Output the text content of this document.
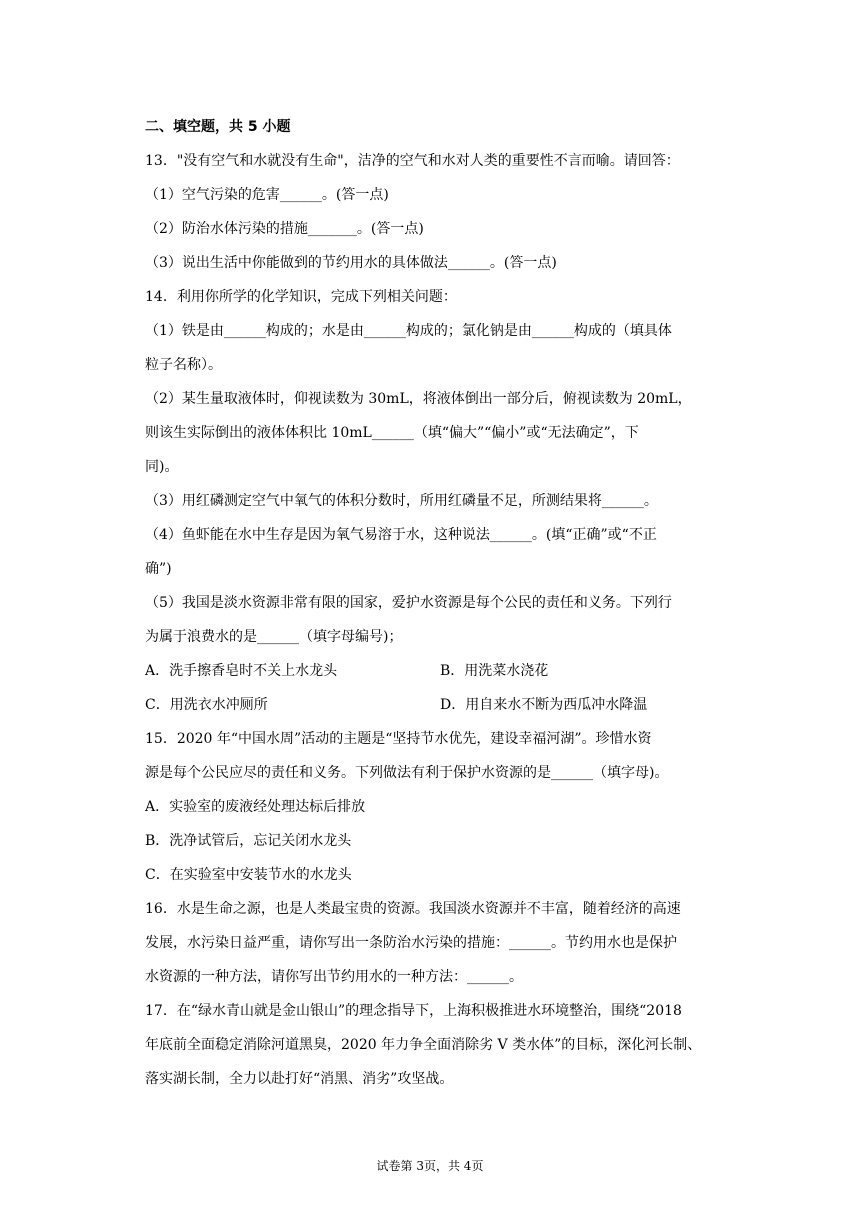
二、填空题，共 5 小题
13．"没有空气和水就没有生命"，洁净的空气和水对人类的重要性不言而喻。请回答：
（1）空气污染的危害______。(答一点)
（2）防治水体污染的措施_______。(答一点)
（3）说出生活中你能做到的节约用水的具体做法______。(答一点)
14．利用你所学的化学知识，完成下列相关问题：
（1）铁是由______构成的；水是由______构成的；氯化钠是由______构成的（填具体
粒子名称）。
（2）某生量取液体时，仰视读数为 30mL，将液体倒出一部分后，俯视读数为 20mL，
则该生实际倒出的液体体积比 10mL______（填“偏大”“偏小”或“无法确定”，下
同)。
（3）用红磷测定空气中氧气的体积分数时，所用红磷量不足，所测结果将______。
（4）鱼虾能在水中生存是因为氧气易溶于水，这种说法______。(填“正确”或“不正
确”)
（5）我国是淡水资源非常有限的国家，爱护水资源是每个公民的责任和义务。下列行
为属于浪费水的是______（填字母编号)；
A．洗手擦香皂时不关上水龙头	B．用洗菜水浇花
C．用洗衣水冲厕所	D．用自来水不断为西瓜冲水降温
15．2020 年“中国水周”活动的主题是“坚持节水优先，建设幸福河湖”。珍惜水资
源是每个公民应尽的责任和义务。下列做法有利于保护水资源的是______（填字母)。
A．实验室的废液经处理达标后排放
B．洗净试管后，忘记关闭水龙头
C．在实验室中安装节水的水龙头
16．水是生命之源，也是人类最宝贵的资源。我国淡水资源并不丰富，随着经济的高速
发展，水污染日益严重，请你写出一条防治水污染的措施：______。节约用水也是保护
水资源的一种方法，请你写出节约用水的一种方法：______。
17．在“绿水青山就是金山银山”的理念指导下，上海积极推进水环境整治，围绕“2018
年底前全面稳定消除河道黑臭，2020 年力争全面消除劣 V 类水体”的目标，深化河长制、
落实湖长制，全力以赴打好“消黑、消劣”攻坚战。
试卷第 3页，共 4页
